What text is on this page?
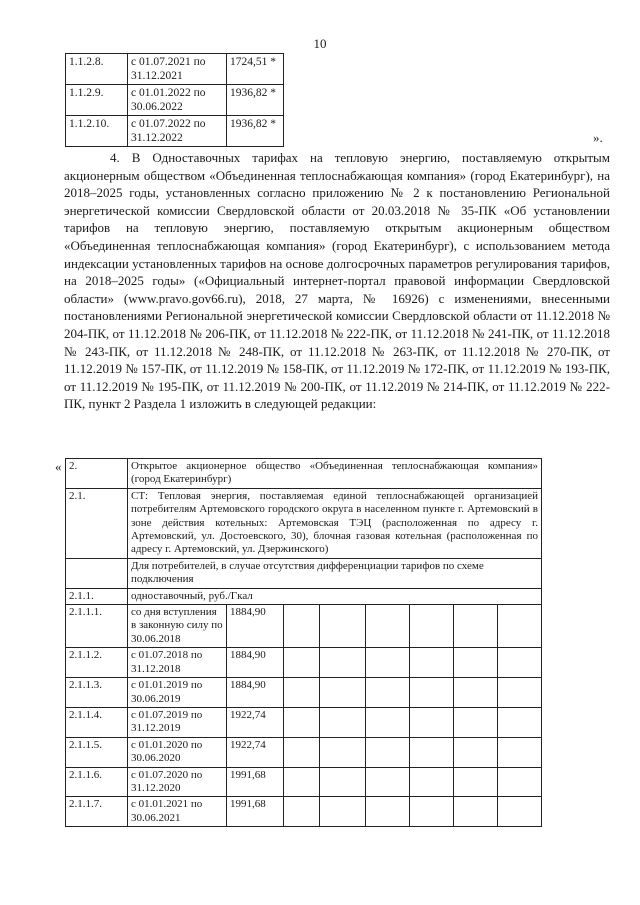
10
1.1.2.8.	с 01.07.2021 по 31.12.2021	1724,51 *
1.1.2.9.	с 01.01.2022 по 30.06.2022	1936,82 *
1.1.2.10.	с 01.07.2022 по 31.12.2022	1936,82 *
».

4. В Одноставочных тарифах на тепловую энергию, поставляемую открытым акционерным обществом «Объединенная теплоснабжающая компания» (город Екатеринбург), на 2018–2025 годы, установленных согласно приложению № 2 к постановлению Региональной энергетической комиссии Свердловской области от 20.03.2018 № 35-ПК «Об установлении тарифов на тепловую энергию, поставляемую открытым акционерным обществом «Объединенная теплоснабжающая компания» (город Екатеринбург), с использованием метода индексации установленных тарифов на основе долгосрочных параметров регулирования тарифов, на 2018–2025 годы» («Официальный интернет-портал правовой информации Свердловской области» (www.pravo.gov66.ru), 2018, 27 марта, № 16926) с изменениями, внесенными постановлениями Региональной энергетической комиссии Свердловской области от 11.12.2018 № 204-ПК, от 11.12.2018 № 206-ПК, от 11.12.2018 № 222-ПК, от 11.12.2018 № 241-ПК, от 11.12.2018 № 243-ПК, от 11.12.2018 № 248-ПК, от 11.12.2018 № 263-ПК, от 11.12.2018 № 270-ПК, от 11.12.2019 № 157-ПК, от 11.12.2019 № 158-ПК, от 11.12.2019 № 172-ПК, от 11.12.2019 № 193-ПК, от 11.12.2019 № 195-ПК, от 11.12.2019 № 200-ПК, от 11.12.2019 № 214-ПК, от 11.12.2019 № 222-ПК, пункт 2 Раздела 1 изложить в следующей редакции:

« 2.	Открытое акционерное общество «Объединенная теплоснабжающая компания» (город Екатеринбург)							
2.1.	СТ: Тепловая энергия, поставляемая единой теплоснабжающей организацией потребителям Артемовского городского округа в населенном пункте г. Артемовский в зоне действия котельных: Артемовская ТЭЦ (расположенная по адресу г. Артемовский, ул. Достоевского, 30), блочная газовая котельная (расположенная по адресу г. Артемовский, ул. Дзержинского)							
	Для потребителей, в случае отсутствия дифференциации тарифов по схеме подключения							
2.1.1.	одноставочный, руб./Гкал							
2.1.1.1.	со дня вступления в законную силу по 30.06.2018	1884,90						
2.1.1.2.	с 01.07.2018 по 31.12.2018	1884,90						
2.1.1.3.	с 01.01.2019 по 30.06.2019	1884,90						
2.1.1.4.	с 01.07.2019 по 31.12.2019	1922,74						
2.1.1.5.	с 01.01.2020 по 30.06.2020	1922,74						
2.1.1.6.	с 01.07.2020 по 31.12.2020	1991,68						
2.1.1.7.	с 01.01.2021 по 30.06.2021	1991,68						
